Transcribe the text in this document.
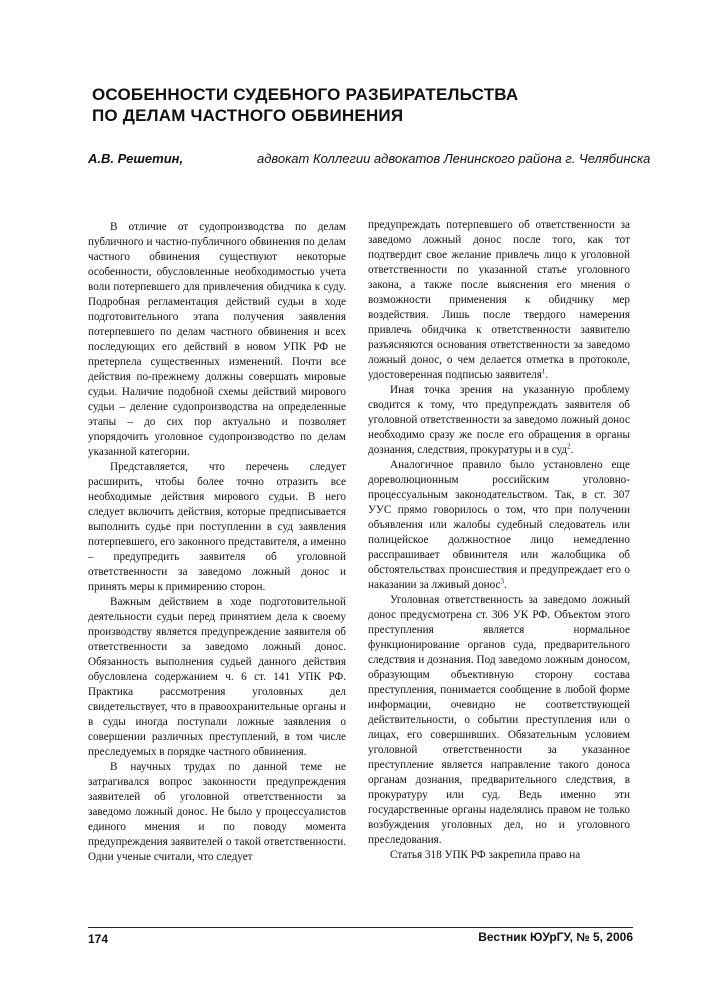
ОСОБЕННОСТИ СУДЕБНОГО РАЗБИРАТЕЛЬСТВА
ПО ДЕЛАМ ЧАСТНОГО ОБВИНЕНИЯ
А.В. Решетин,	адвокат Коллегии адвокатов Ленинского района г. Челябинска

В отличие от судопроизводства по делам публичного и частно-публичного обвинения по делам частного обвинения существуют некоторые особенности, обусловленные необходимостью учета воли потерпевшего для привлечения обидчика к суду. Подробная регламентация действий судьи в ходе подготовительного этапа получения заявления потерпевшего по делам частного обвинения и всех последующих его действий в новом УПК РФ не претерпела существенных изменений. Почти все действия по-прежнему должны совершать мировые судьи. Наличие подобной схемы действий мирового судьи – деление судопроизводства на определенные этапы – до сих пор актуально и позволяет упорядочить уголовное судопроизводство по делам указанной категории.

Представляется, что перечень следует расширить, чтобы более точно отразить все необходимые действия мирового судьи. В него следует включить действия, которые предписывается выполнить судье при поступлении в суд заявления потерпевшего, его законного представителя, а именно – предупредить заявителя об уголовной ответственности за заведомо ложный донос и принять меры к примирению сторон.

Важным действием в ходе подготовительной деятельности судьи перед принятием дела к своему производству является предупреждение заявителя об ответственности за заведомо ложный донос. Обязанность выполнения судьей данного действия обусловлена содержанием ч. 6 ст. 141 УПК РФ. Практика рассмотрения уголовных дел свидетельствует, что в правоохранительные органы и в суды иногда поступали ложные заявления о совершении различных преступлений, в том числе преследуемых в порядке частного обвинения.

В научных трудах по данной теме не затрагивался вопрос законности предупреждения заявителей об уголовной ответственности за заведомо ложный донос. Не было у процессуалистов единого мнения и по поводу момента предупреждения заявителей о такой ответственности. Одни ученые считали, что следует

предупреждать потерпевшего об ответственности за заведомо ложный донос после того, как тот подтвердит свое желание привлечь лицо к уголовной ответственности по указанной статье уголовного закона, а также после выяснения его мнения о возможности применения к обидчику мер воздействия. Лишь после твердого намерения привлечь обидчика к ответственности заявителю разъясняются основания ответственности за заведомо ложный донос, о чем делается отметка в протоколе, удостоверенная подписью заявителя$^1$.

Иная точка зрения на указанную проблему сводится к тому, что предупреждать заявителя об уголовной ответственности за заведомо ложный донос необходимо сразу же после его обращения в органы дознания, следствия, прокуратуры и в суд$^2$.

Аналогичное правило было установлено еще дореволюционным российским уголовно-процессуальным законодательством. Так, в ст. 307 УУС прямо говорилось о том, что при получении объявления или жалобы судебный следователь или полицейское должностное лицо немедленно расспрашивает обвинителя или жалобщика об обстоятельствах происшествия и предупреждает его о наказании за лживый донос$^3$.

Уголовная ответственность за заведомо ложный донос предусмотрена ст. 306 УК РФ. Объектом этого преступления является нормальное функционирование органов суда, предварительного следствия и дознания. Под заведомо ложным доносом, образующим объективную сторону состава преступления, понимается сообщение в любой форме информации, очевидно не соответствующей действительности, о событии преступления или о лицах, его совершивших. Обязательным условием уголовной ответственности за указанное преступление является направление такого доноса органам дознания, предварительного следствия, в прокуратуру или суд. Ведь именно эти государственные органы наделялись правом не только возбуждения уголовных дел, но и уголовного преследования.

Статья 318 УПК РФ закрепила право на

174	Вестник ЮУрГУ, № 5, 2006
